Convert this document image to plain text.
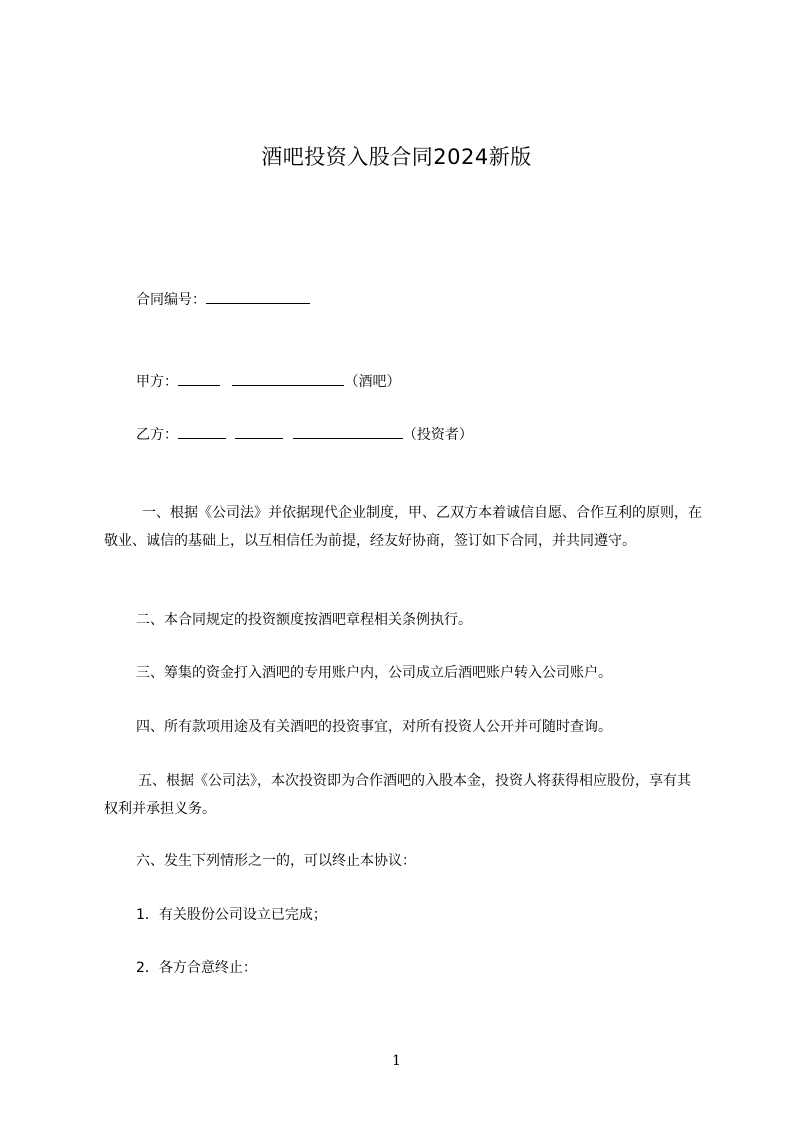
酒吧投资入股合同2024新版
合同编号：
甲方：	（酒吧）
乙方：	（投资者）
一、根据《公司法》并依据现代企业制度，甲、乙双方本着诚信自愿、合作互利的原则，在敬业、诚信的基础上，以互相信任为前提，经友好协商，签订如下合同，并共同遵守。
二、本合同规定的投资额度按酒吧章程相关条例执行。
三、筹集的资金打入酒吧的专用账户内，公司成立后酒吧账户转入公司账户。
四、所有款项用途及有关酒吧的投资事宜，对所有投资人公开并可随时查询。
五、根据《公司法》，本次投资即为合作酒吧的入股本金，投资人将获得相应股份，享有其权利并承担义务。
六、发生下列情形之一的，可以终止本协议：
1．有关股份公司设立已完成；
2．各方合意终止：
1
